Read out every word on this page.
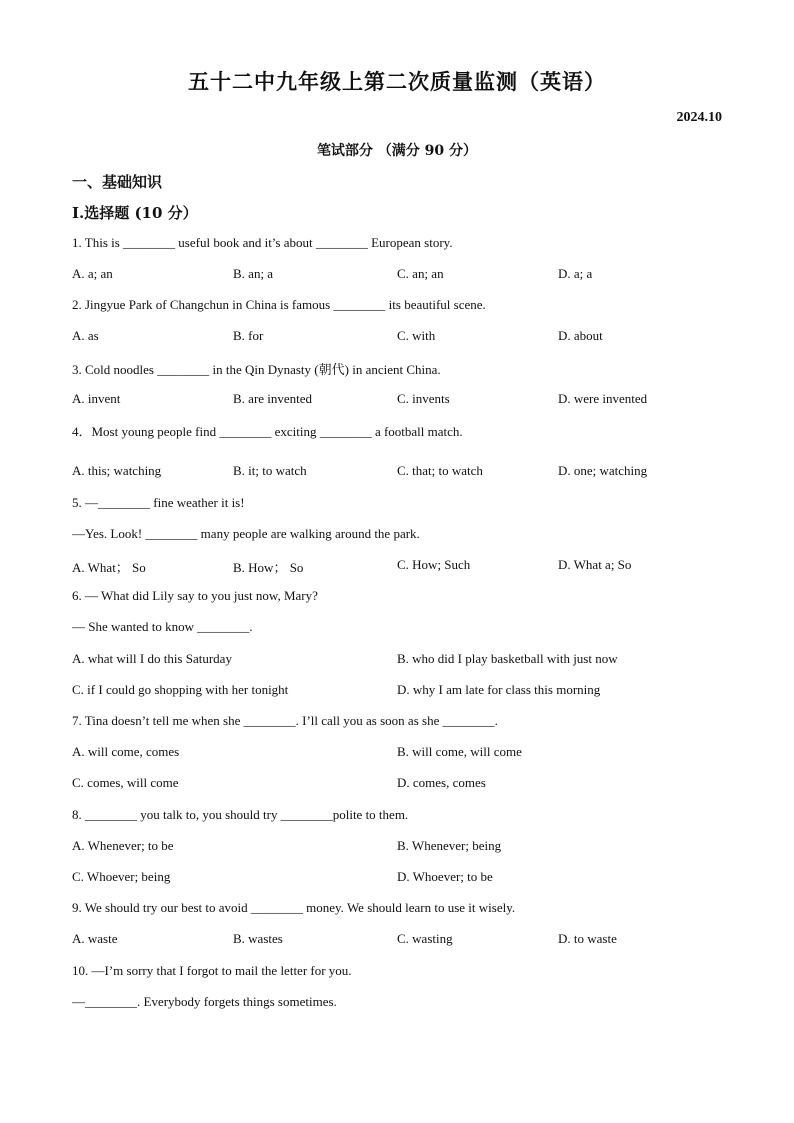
五十二中九年级上第二次质量监测（英语）
2024.10
笔试部分 （满分 90 分）
一、基础知识
I.选择题 (10 分）
1. This is ________ useful book and it’s about ________ European story.
A. a; an	B. an; a	C. an; an	D. a; a
2. Jingyue Park of Changchun in China is famous ________ its beautiful scene.
A. as	B. for	C. with	D. about
3. Cold noodles ________ in the Qin Dynasty (朝代) in ancient China.
A. invent	B. are invented	C. invents	D. were invented
4．Most young people find ________ exciting ________ a football match.
A. this; watching	B. it; to watch	C. that; to watch	D. one; watching
5. —________ fine weather it is!
—Yes. Look! ________ many people are walking around the park.
A. What； So	B. How； So	C. How; Such	D. What a; So
6. — What did Lily say to you just now, Mary?
— She wanted to know ________.
A. what will I do this Saturday	B. who did I play basketball with just now
C. if I could go shopping with her tonight	D. why I am late for class this morning
7. Tina doesn’t tell me when she ________. I’ll call you as soon as she ________.
A. will come, comes	B. will come, will come
C. comes, will come	D. comes, comes
8. ________ you talk to, you should try ________polite to them.
A. Whenever; to be	B. Whenever; being
C. Whoever; being	D. Whoever; to be
9. We should try our best to avoid ________ money. We should learn to use it wisely.
A. waste	B. wastes	C. wasting	D. to waste
10. —I’m sorry that I forgot to mail the letter for you.
—________. Everybody forgets things sometimes.
